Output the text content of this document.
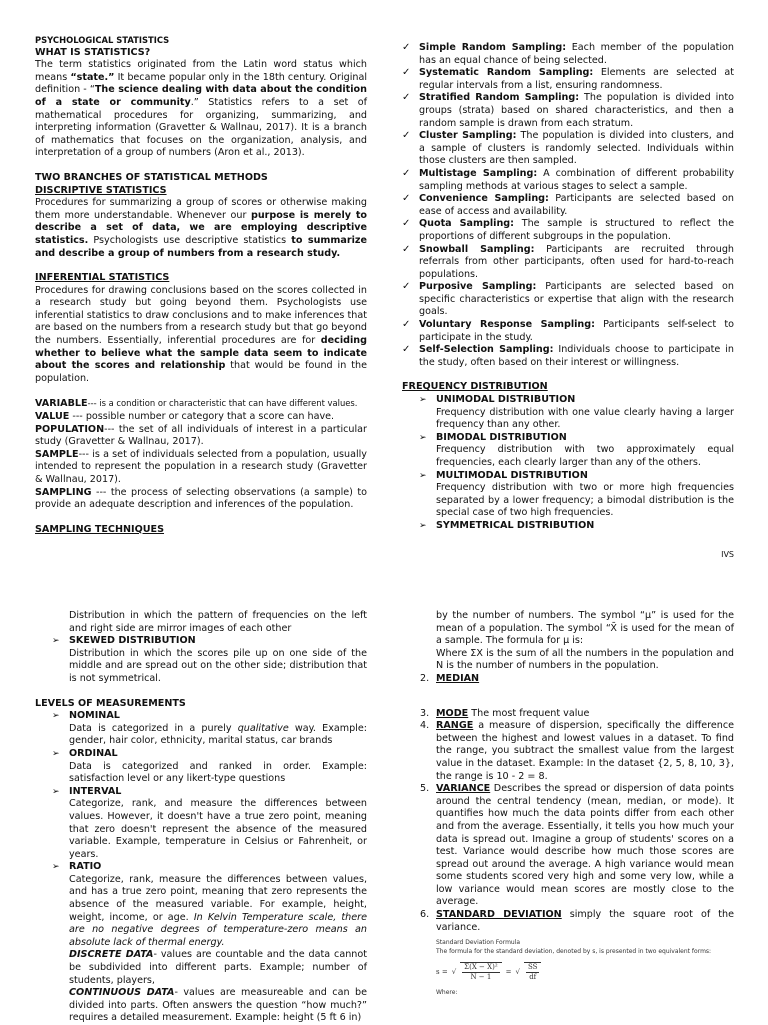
PSYCHOLOGICAL STATISTICS
WHAT IS STATISTICS?

The term statistics originated from the Latin word status which means “state.” It became popular only in the 18th century. Original definition - “The science dealing with data about the condition of a state or community.” Statistics refers to a set of mathematical procedures for organizing, summarizing, and interpreting information (Gravetter & Wallnau, 2017). It is a branch of mathematics that focuses on the organization, analysis, and interpretation of a group of numbers (Aron et al., 2013).

TWO BRANCHES OF STATISTICAL METHODS
DISCRIPTIVE STATISTICS

Procedures for summarizing a group of scores or otherwise making them more understandable. Whenever our purpose is merely to describe a set of data, we are employing descriptive statistics. Psychologists use descriptive statistics to summarize and describe a group of numbers from a research study.

INFERENTIAL STATISTICS

Procedures for drawing conclusions based on the scores collected in a research study but going beyond them. Psychologists use inferential statistics to draw conclusions and to make inferences that are based on the numbers from a research study but that go beyond the numbers. Essentially, inferential procedures are for deciding whether to believe what the sample data seem to indicate about the scores and relationship that would be found in the population.

VARIABLE--- is a condition or characteristic that can have different values.

VALUE --- possible number or category that a score can have.

POPULATION--- the set of all individuals of interest in a particular study (Gravetter & Wallnau, 2017).

SAMPLE--- is a set of individuals selected from a population, usually intended to represent the population in a research study (Gravetter & Wallnau, 2017).

SAMPLING --- the process of selecting observations (a sample) to provide an adequate description and inferences of the population.

SAMPLING TECHNIQUES

✓ Simple Random Sampling: Each member of the population has an equal chance of being selected.

✓ Systematic Random Sampling: Elements are selected at regular intervals from a list, ensuring randomness.

✓ Stratified Random Sampling: The population is divided into groups (strata) based on shared characteristics, and then a random sample is drawn from each stratum.

✓ Cluster Sampling: The population is divided into clusters, and a sample of clusters is randomly selected. Individuals within those clusters are then sampled.

✓ Multistage Sampling: A combination of different probability sampling methods at various stages to select a sample.

✓ Convenience Sampling: Participants are selected based on ease of access and availability.

✓ Quota Sampling: The sample is structured to reflect the proportions of different subgroups in the population.

✓ Snowball Sampling: Participants are recruited through referrals from other participants, often used for hard-to-reach populations.

✓ Purposive Sampling: Participants are selected based on specific characteristics or expertise that align with the research goals.

✓ Voluntary Response Sampling: Participants self-select to participate in the study.

✓ Self-Selection Sampling: Individuals choose to participate in the study, often based on their interest or willingness.

FREQUENCY DISTRIBUTION
➢ UNIMODAL DISTRIBUTION

Frequency distribution with one value clearly having a larger frequency than any other.

➢ BIMODAL DISTRIBUTION

Frequency distribution with two approximately equal frequencies, each clearly larger than any of the others.

➢ MULTIMODAL DISTRIBUTION

Frequency distribution with two or more high frequencies separated by a lower frequency; a bimodal distribution is the special case of two high frequencies.

➢ SYMMETRICAL DISTRIBUTION
IVS

Distribution in which the pattern of frequencies on the left and right side are mirror images of each other

➢ SKEWED DISTRIBUTION

Distribution in which the scores pile up on one side of the middle and are spread out on the other side; distribution that is not symmetrical.

LEVELS OF MEASUREMENTS
➢ NOMINAL

Data is categorized in a purely qualitative way. Example: gender, hair color, ethnicity, marital status, car brands

➢ ORDINAL

Data is categorized and ranked in order. Example: satisfaction level or any likert-type questions

➢ INTERVAL

Categorize, rank, and measure the differences between values. However, it doesn't have a true zero point, meaning that zero doesn't represent the absence of the measured variable. Example, temperature in Celsius or Fahrenheit, or years.

➢ RATIO

Categorize, rank, measure the differences between values, and has a true zero point, meaning that zero represents the absence of the measured variable. For example, height, weight, income, or age. In Kelvin Temperature scale, there are no negative degrees of temperature-zero means an absolute lack of thermal energy.

DISCRETE DATA- values are countable and the data cannot be subdivided into different parts. Example; number of students, players,

CONTINUOUS DATA- values are measureable and can be divided into parts. Often answers the question “how much?” requires a detailed measurement. Example: height (5 ft 6 in)

by the number of numbers. The symbol “μ” is used for the mean of a population. The symbol “X̄ is used for the mean of a sample. The formula for μ is:

Where ΣX is the sum of all the numbers in the population and N is the number of numbers in the population.

2. MEDIAN

3. MODE The most frequent value

4. RANGE a measure of dispersion, specifically the difference between the highest and lowest values in a dataset. To find the range, you subtract the smallest value from the largest value in the dataset. Example: In the dataset {2, 5, 8, 10, 3}, the range is 10 - 2 = 8.

5. VARIANCE Describes the spread or dispersion of data points around the central tendency (mean, median, or mode). It quantifies how much the data points differ from each other and from the average. Essentially, it tells you how much your data is spread out. Imagine a group of students' scores on a test. Variance would describe how much those scores are spread out around the average. A high variance would mean some students scored very high and some very low, while a low variance would mean scores are mostly close to the average.

6. STANDARD DEVIATION simply the square root of the variance.

Standard Deviation Formula
The formula for the standard deviation, denoted by s, is presented in two equivalent forms:
s = √ $\frac{\text{Σ(X − X̄)²}}{N - 1}$ = √ $\frac{SS}{df}$
Where:
